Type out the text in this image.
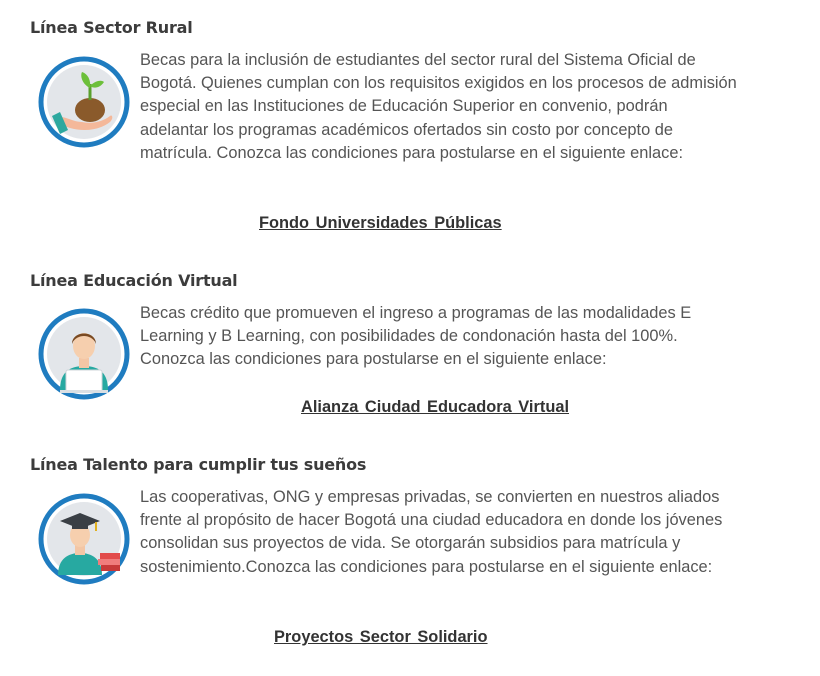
Línea Sector Rural

Becas para la inclusión de estudiantes del sector rural del Sistema Oficial de Bogotá. Quienes cumplan con los requisitos exigidos en los procesos de admisión especial en las Instituciones de Educación Superior en convenio, podrán adelantar los programas académicos ofertados sin costo por concepto de matrícula. Conozca las condiciones para postularse en el siguiente enlace:

Fondo Universidades Públicas
Línea Educación Virtual

Becas crédito que promueven el ingreso a programas de las modalidades E Learning y B Learning, con posibilidades de condonación hasta del 100%. Conozca las condiciones para postularse en el siguiente enlace:

Alianza Ciudad Educadora Virtual
Línea Talento para cumplir tus sueños

Las cooperativas, ONG y empresas privadas, se convierten en nuestros aliados frente al propósito de hacer Bogotá una ciudad educadora en donde los jóvenes consolidan sus proyectos de vida. Se otorgarán subsidios para matrícula y sostenimiento.Conozca las condiciones para postularse en el siguiente enlace:

Proyectos Sector Solidario
